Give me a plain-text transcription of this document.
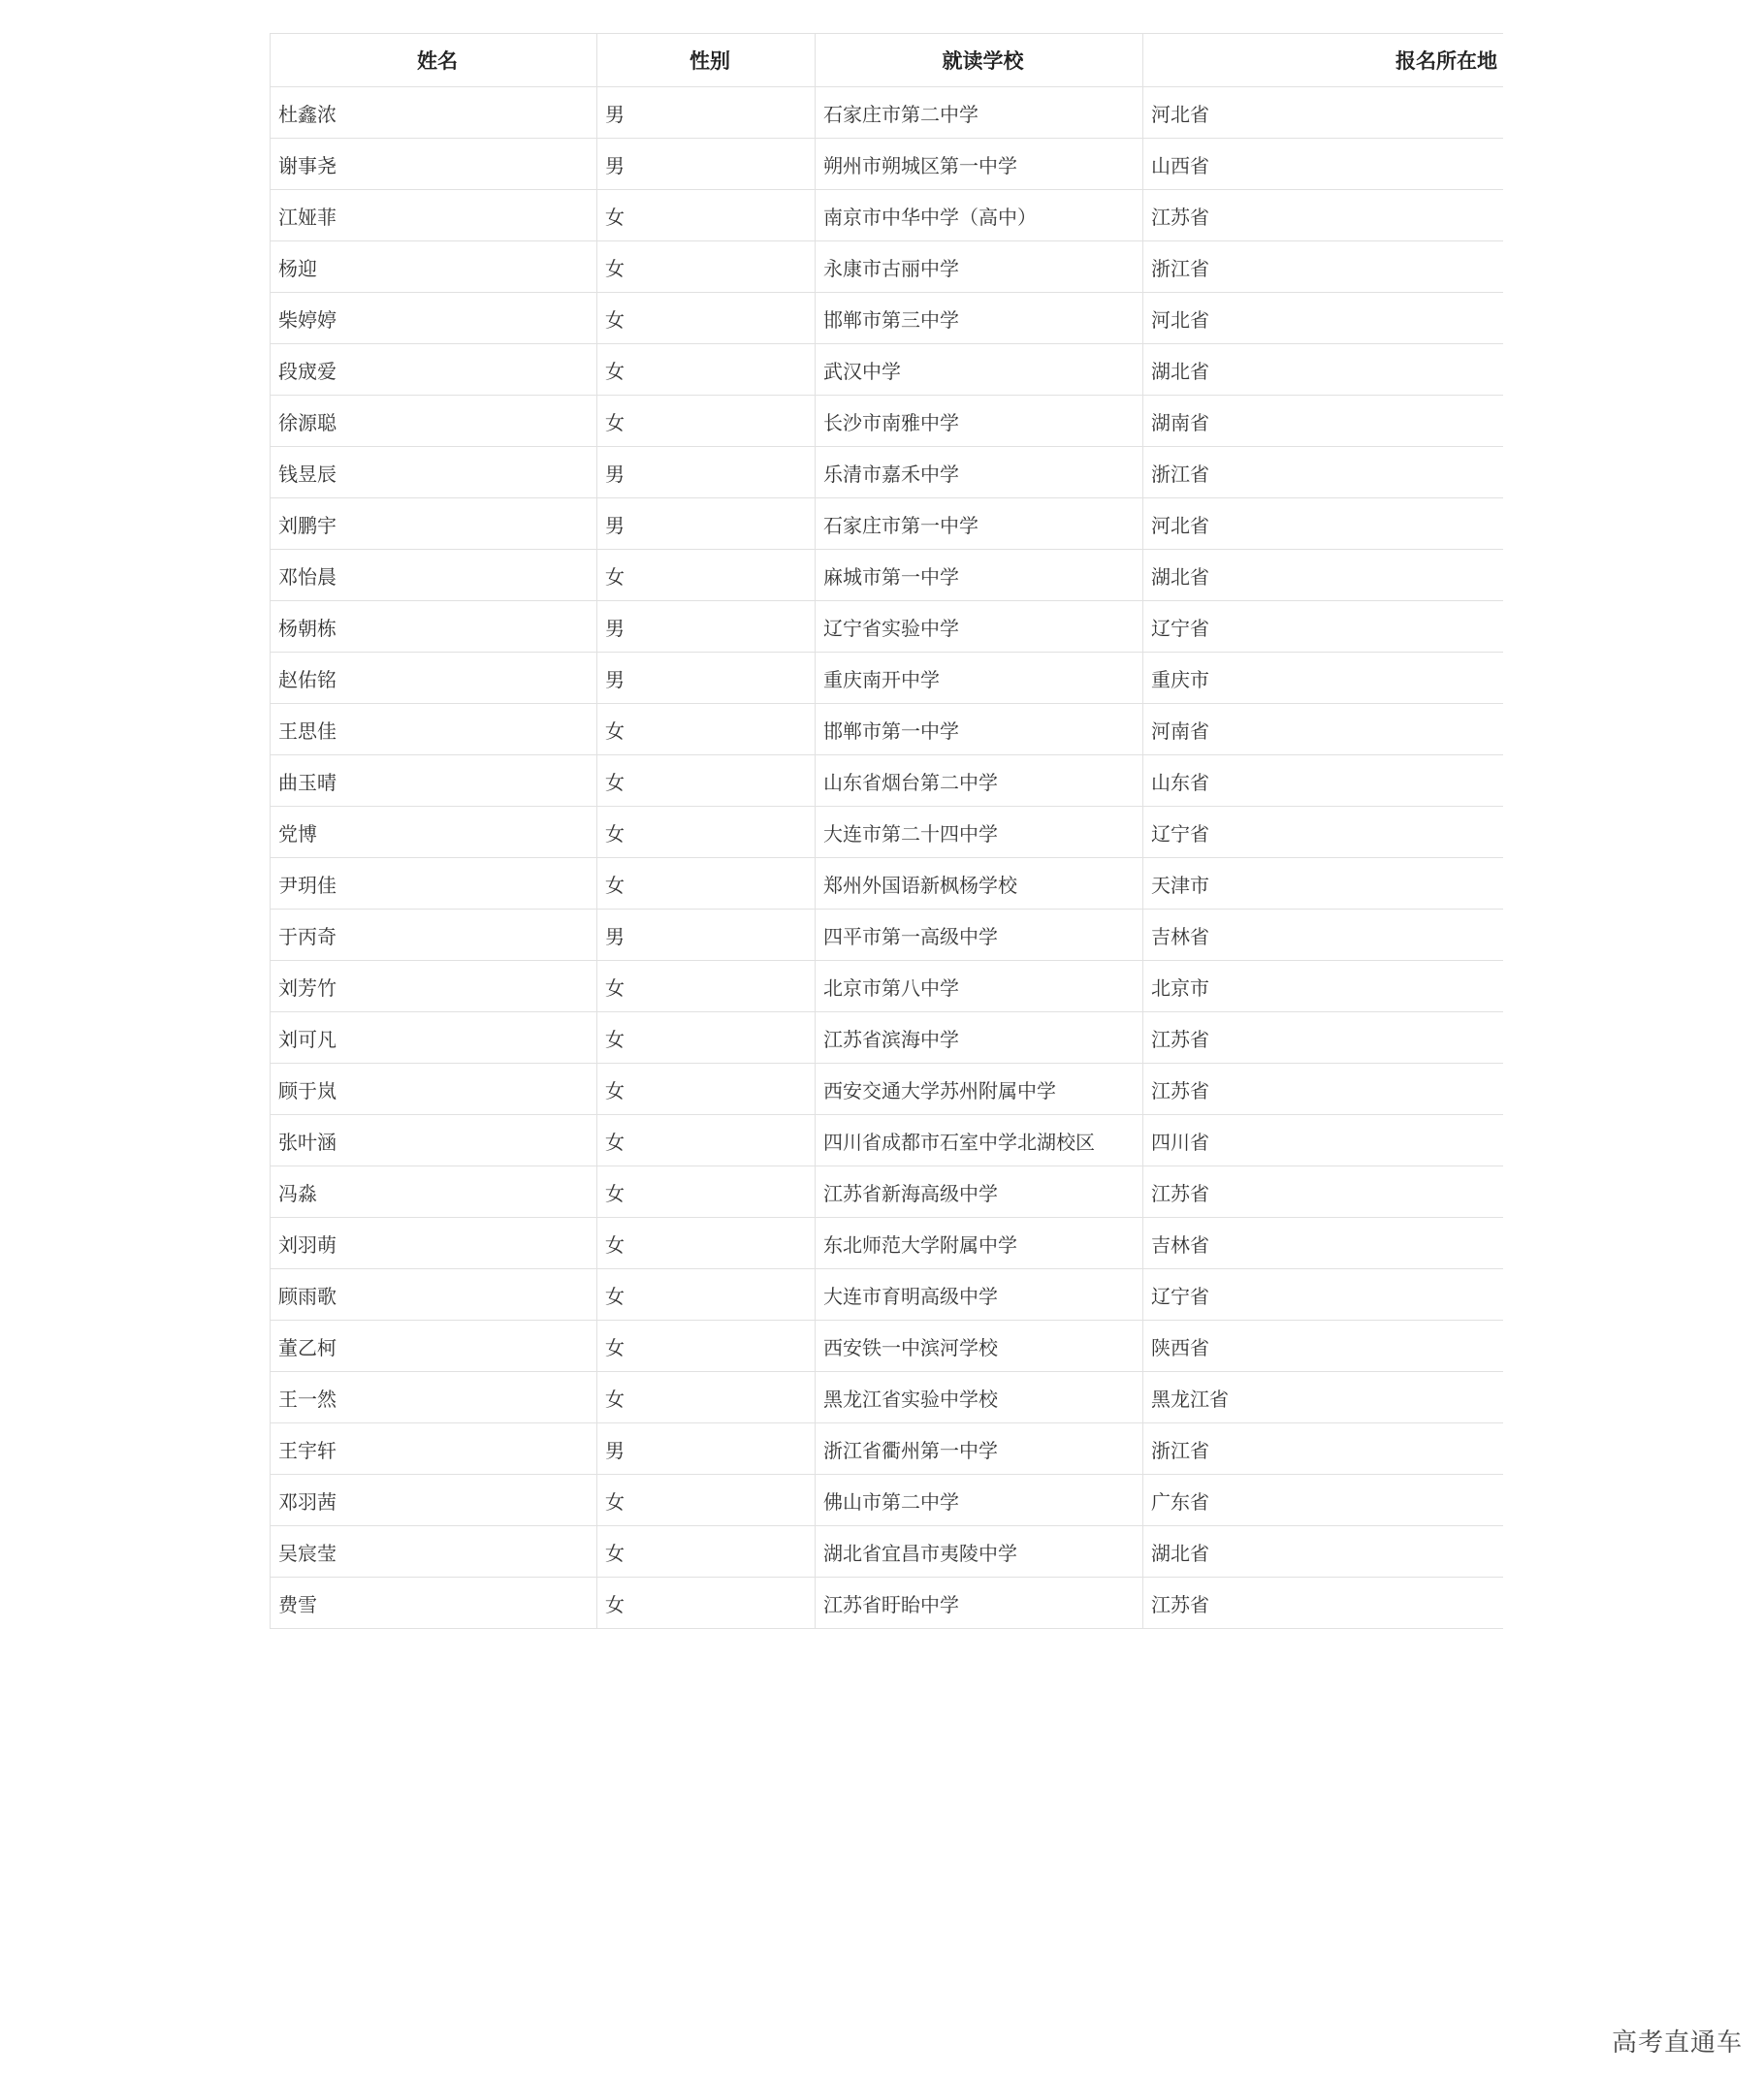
姓名	性别	就读学校	报名所在地
杜鑫浓	男	石家庄市第二中学	河北省
谢事尧	男	朔州市朔城区第一中学	山西省
江娅菲	女	南京市中华中学（高中）	江苏省
杨迎	女	永康市古丽中学	浙江省
柴婷婷	女	邯郸市第三中学	河北省
段宬爱	女	武汉中学	湖北省
徐源聪	女	长沙市南雅中学	湖南省
钱昱辰	男	乐清市嘉禾中学	浙江省
刘鹏宇	男	石家庄市第一中学	河北省
邓怡晨	女	麻城市第一中学	湖北省
杨朝栋	男	辽宁省实验中学	辽宁省
赵佑铭	男	重庆南开中学	重庆市
王思佳	女	邯郸市第一中学	河南省
曲玉晴	女	山东省烟台第二中学	山东省
党博	女	大连市第二十四中学	辽宁省
尹玥佳	女	郑州外国语新枫杨学校	天津市
于丙奇	男	四平市第一高级中学	吉林省
刘芳竹	女	北京市第八中学	北京市
刘可凡	女	江苏省滨海中学	江苏省
顾于岚	女	西安交通大学苏州附属中学	江苏省
张叶涵	女	四川省成都市石室中学北湖校区	四川省
冯淼	女	江苏省新海高级中学	江苏省
刘羽萌	女	东北师范大学附属中学	吉林省
顾雨歌	女	大连市育明高级中学	辽宁省
董乙柯	女	西安铁一中滨河学校	陕西省
王一然	女	黑龙江省实验中学校	黑龙江省
王宇轩	男	浙江省衢州第一中学	浙江省
邓羽茜	女	佛山市第二中学	广东省
吴宸莹	女	湖北省宜昌市夷陵中学	湖北省
费雪	女	江苏省盱眙中学	江苏省
高考直通车
